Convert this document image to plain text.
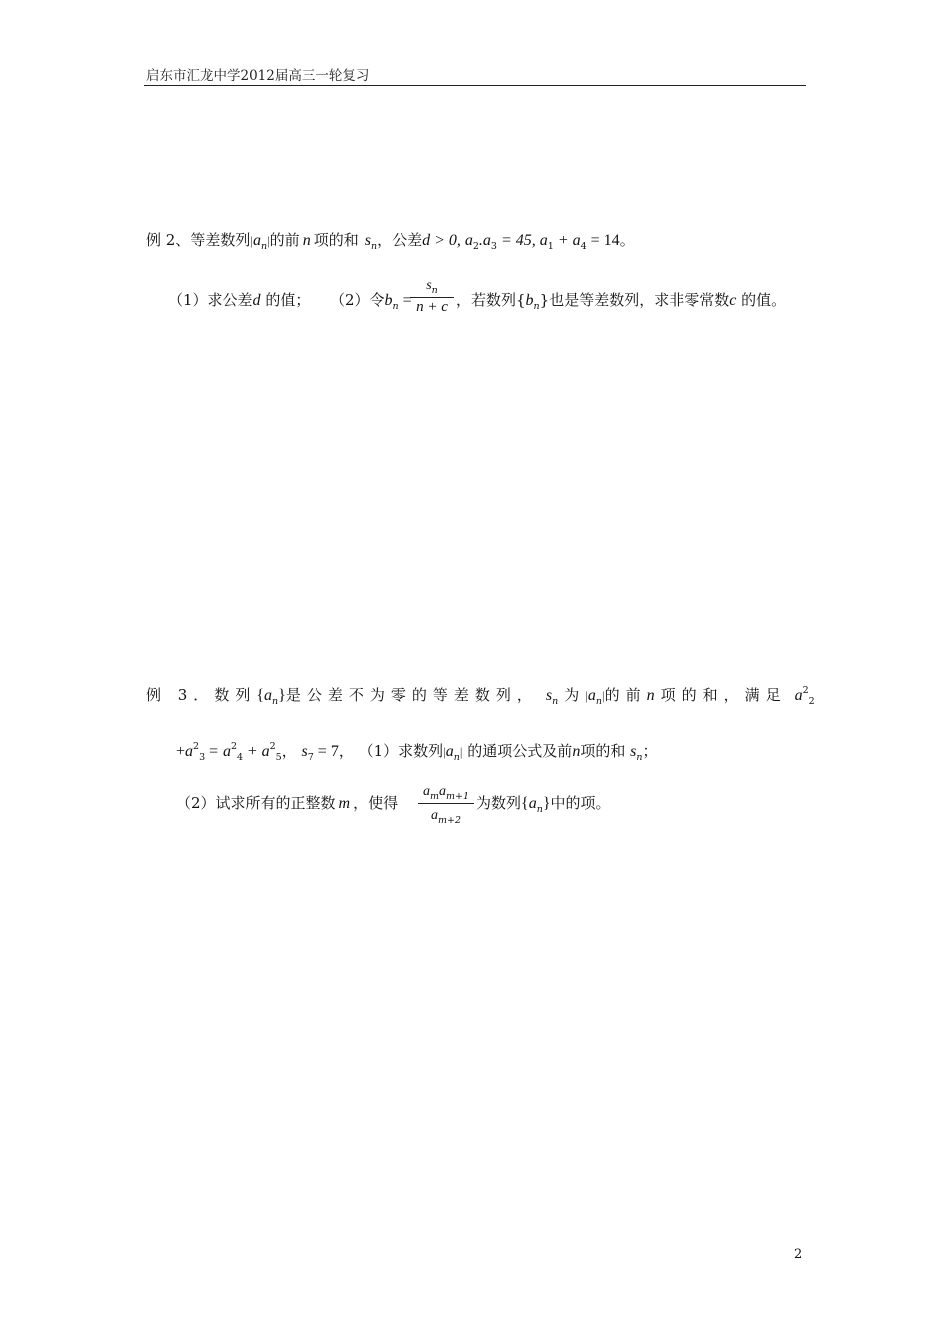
启东市汇龙中学2012届高三一轮复习
例 2、等差数列$|a_n|$的前 n 项的和 $s_n$，公差d > 0, $a_2.a_3 = 45$, $a_1 + a_4 = 14$。
（1）求公差d 的值； （2）令$b_n$ =
$s_n$
n + c ，若数列$\{b_n\}$也是等差数列，求非零常数c 的值。
例 3．数列$\{a_n\}$是公差不为零的等差数列， $s_n$ 为$|a_n|$的前n 项的和，满足 $a^2_2$
$+a^2_3 = a^2_4 + a^2_5$， $s_7 = 7$， （1）求数列$|a_n|$ 的通项公式及前n项的和 $s_n$；
（2）试求所有的正整数 m ，使得
$a_ma_{m+1}$
$a_{m+2}$
为数列$\{a_n\}$中的项。
2
